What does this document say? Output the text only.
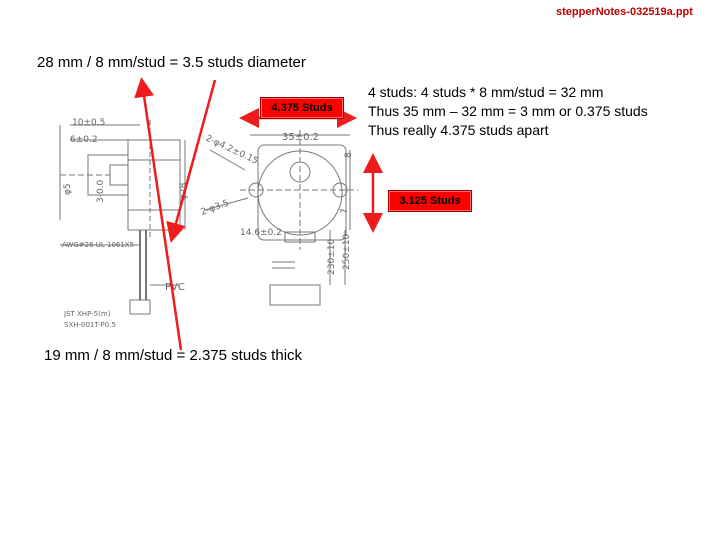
stepperNotes-032519a.ppt
28 mm / 8 mm/stud = 3.5 studs diameter
4 studs: 4 studs * 8 mm/stud = 32 mm
Thus 35 mm – 32 mm = 3 mm or 0.375 studs
Thus really 4.375 studs apart
19 mm / 8 mm/stud = 2.375 studs thick
10±0.5
6±0.2
φ5	3-0.0	φ28
35±0.2
2-φ4.2±0.15
2-φ3.5
8
14.6±0.2
230±10 250±10
7
AWG#26 UL 1061X5
PVC
JST XHP-5(m)
SXH-001T-P0.5
4.375 Studs
3.125 Studs
